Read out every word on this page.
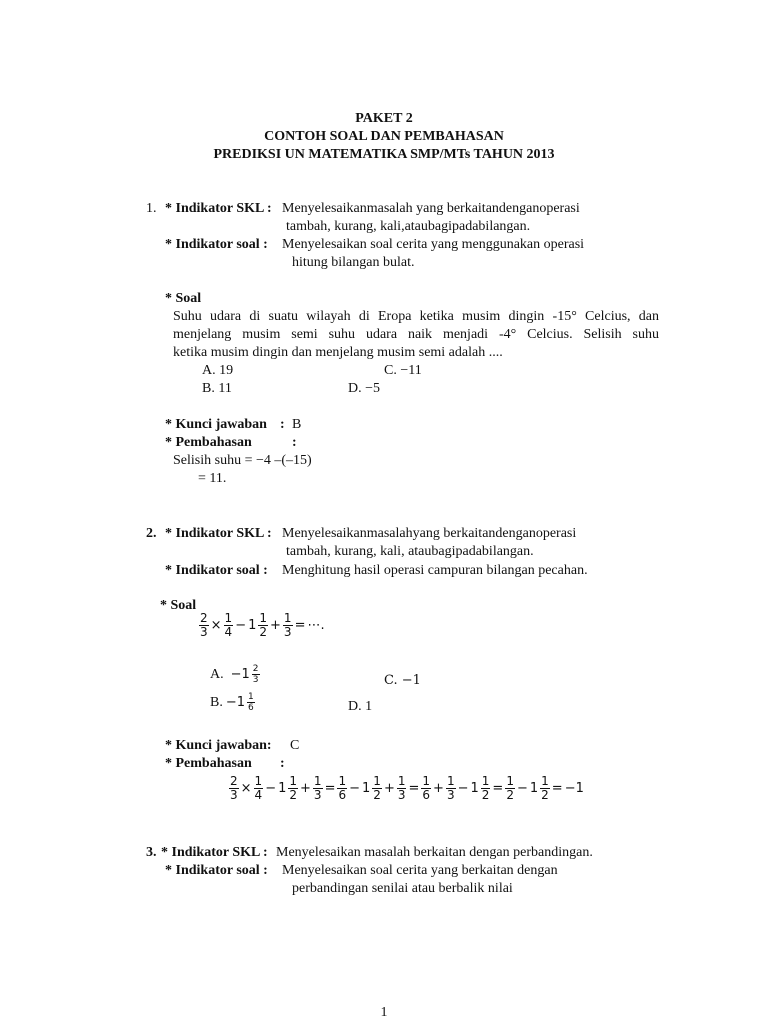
PAKET 2
CONTOH SOAL DAN PEMBAHASAN
PREDIKSI UN MATEMATIKA SMP/MTs TAHUN 2013
1. * Indikator SKL : Menyelesaikanmasalah yang berkaitandenganoperasi
tambah, kurang, kali,ataubagipadabilangan.
* Indikator soal : Menyelesaikan soal cerita yang menggunakan operasi
hitung bilangan bulat.
* Soal
Suhu udara di suatu wilayah di Eropa ketika musim dingin -15° Celcius, dan
menjelang musim semi suhu udara naik menjadi -4° Celcius. Selisih suhu
ketika musim dingin dan menjelang musim semi adalah ....
A. 19	C. −11
B. 11	D. −5
* Kunci jawaban : B
* Pembahasan	:
Selisih suhu = −4 –(–15)
= 11.
2. * Indikator SKL : Menyelesaikanmasalahyang berkaitandenganoperasi
tambah, kurang, kali, ataubagipadabilangan.
* Indikator soal : Menghitung hasil operasi campuran bilangan pecahan.
* Soal
$\frac{2}{3} \times \frac{1}{4} - 1 \frac{1}{2} + \frac{1}{3}$ = ⋯.
A. $-1 \frac{2}{3}$	C. −1
B. $-1 \frac{1}{6}$	D. 1
* Kunci jawaban: C
* Pembahasan :
$\frac{2}{3} \times \frac{1}{4} - 1 \frac{1}{2} + \frac{1}{3} = \frac{1}{6} - 1 \frac{1}{2} + \frac{1}{3} = \frac{1}{6} + \frac{1}{3} - 1 \frac{1}{2} = \frac{1}{2} - 1 \frac{1}{2} = -1$
3. * Indikator SKL : Menyelesaikan masalah berkaitan dengan perbandingan.
* Indikator soal : Menyelesaikan soal cerita yang berkaitan dengan
perbandingan senilai atau berbalik nilai
1
